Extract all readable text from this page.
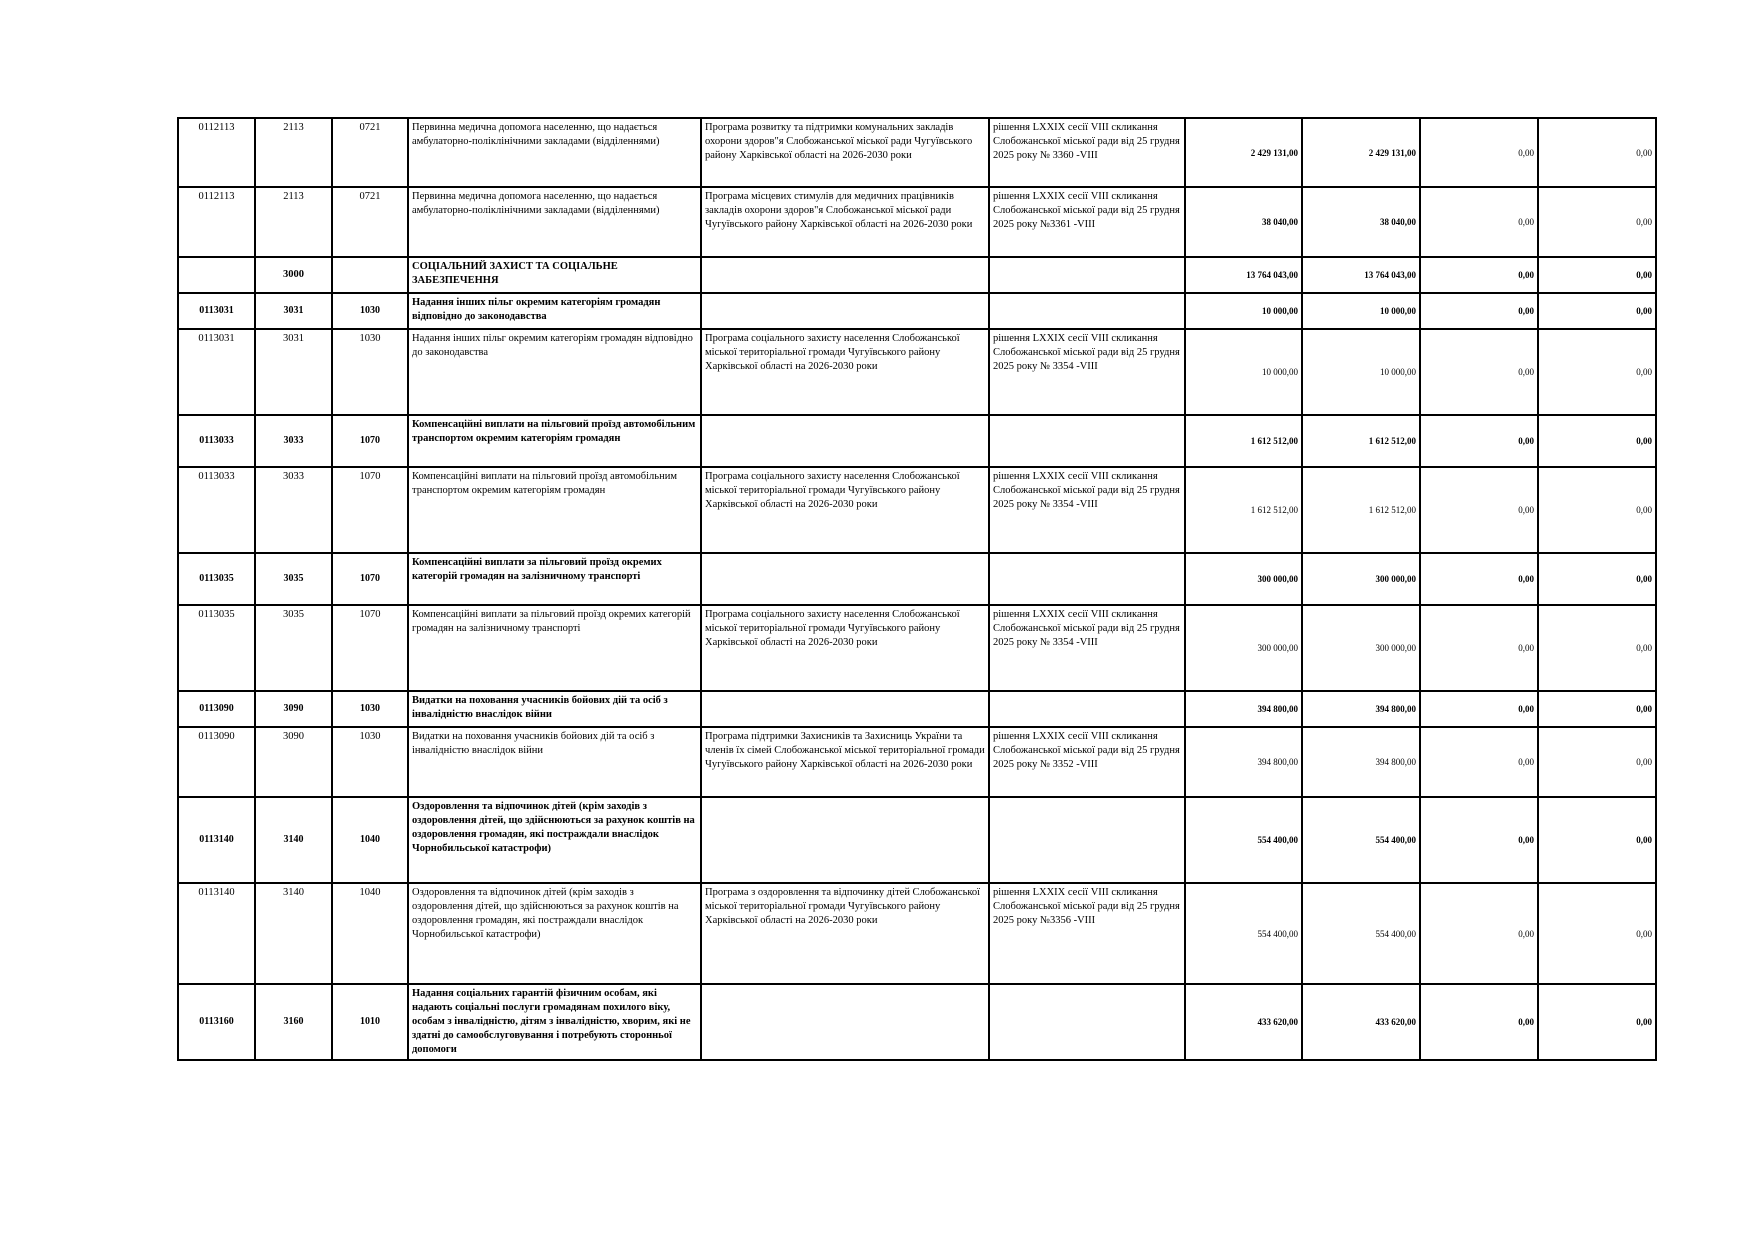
0112113	2113	0721	Первинна медична допомога населенню, що надається амбулаторно-поліклінічними закладами (відділеннями)	Програма розвитку та підтримки комунальних закладів охорони здоров"я Слобожанської міської ради Чугуївського району Харківської області на 2026-2030 роки	рішення LXXIX сесії VIII скликання Слобожанської міської ради від 25 грудня 2025 року № 3360 -VIII	2 429 131,00	2 429 131,00	0,00	0,00
0112113	2113	0721	Первинна медична допомога населенню, що надається амбулаторно-поліклінічними закладами (відділеннями)	Програма місцевих стимулів для медичних працівників закладів охорони здоров"я Слобожанської міської ради Чугуївського району Харківської області на 2026-2030 роки	рішення LXXIX сесії VIII скликання Слобожанської міської ради від 25 грудня 2025 року №3361 -VIII	38 040,00	38 040,00	0,00	0,00
	3000		СОЦІАЛЬНИЙ ЗАХИСТ ТА СОЦІАЛЬНЕ ЗАБЕЗПЕЧЕННЯ			13 764 043,00	13 764 043,00	0,00	0,00
0113031	3031	1030	Надання інших пільг окремим категоріям громадян відповідно до законодавства			10 000,00	10 000,00	0,00	0,00
0113031	3031	1030	Надання інших пільг окремим категоріям громадян відповідно до законодавства	Програма соціального захисту населення Слобожанської міської територіальної громади Чугуївського району Харківської області на 2026-2030 роки	рішення LXXIX сесії VIII скликання Слобожанської міської ради від 25 грудня 2025 року № 3354 -VIII	10 000,00	10 000,00	0,00	0,00
0113033	3033	1070	Компенсаційні виплати на пільговий проїзд автомобільним транспортом окремим категоріям громадян			1 612 512,00	1 612 512,00	0,00	0,00
0113033	3033	1070	Компенсаційні виплати на пільговий проїзд автомобільним транспортом окремим категоріям громадян	Програма соціального захисту населення Слобожанської міської територіальної громади Чугуївського району Харківської області на 2026-2030 роки	рішення LXXIX сесії VIII скликання Слобожанської міської ради від 25 грудня 2025 року № 3354 -VIII	1 612 512,00	1 612 512,00	0,00	0,00
0113035	3035	1070	Компенсаційні виплати за пільговий проїзд окремих категорій громадян на залізничному транспорті			300 000,00	300 000,00	0,00	0,00
0113035	3035	1070	Компенсаційні виплати за пільговий проїзд окремих категорій громадян на залізничному транспорті	Програма соціального захисту населення Слобожанської міської територіальної громади Чугуївського району Харківської області на 2026-2030 роки	рішення LXXIX сесії VIII скликання Слобожанської міської ради від 25 грудня 2025 року № 3354 -VIII	300 000,00	300 000,00	0,00	0,00
0113090	3090	1030	Видатки на поховання учасників бойових дій та осіб з інвалідністю внаслідок війни			394 800,00	394 800,00	0,00	0,00
0113090	3090	1030	Видатки на поховання учасників бойових дій та осіб з інвалідністю внаслідок війни	Програма підтримки Захисників та Захисниць України та членів їх сімей Слобожанської міської територіальної громади Чугуївського району Харківської області на 2026-2030 роки	рішення LXXIX сесії VIII скликання Слобожанської міської ради від 25 грудня 2025 року № 3352 -VIII	394 800,00	394 800,00	0,00	0,00
0113140	3140	1040	Оздоровлення та відпочинок дітей (крім заходів з оздоровлення дітей, що здійснюються за рахунок коштів на оздоровлення громадян, які постраждали внаслідок Чорнобильської катастрофи)			554 400,00	554 400,00	0,00	0,00
0113140	3140	1040	Оздоровлення та відпочинок дітей (крім заходів з оздоровлення дітей, що здійснюються за рахунок коштів на оздоровлення громадян, які постраждали внаслідок Чорнобильської катастрофи)	Програма з оздоровлення та відпочинку дітей Слобожанської міської територіальної громади Чугуївського району Харківської області на 2026-2030 роки	рішення LXXIX сесії VIII скликання Слобожанської міської ради від 25 грудня 2025 року №3356 -VIII	554 400,00	554 400,00	0,00	0,00
0113160	3160	1010	Надання соціальних гарантій фізичним особам, які надають соціальні послуги громадянам похилого віку, особам з інвалідністю, дітям з інвалідністю, хворим, які не здатні до самообслуговування і потребують сторонньої допомоги			433 620,00	433 620,00	0,00	0,00
